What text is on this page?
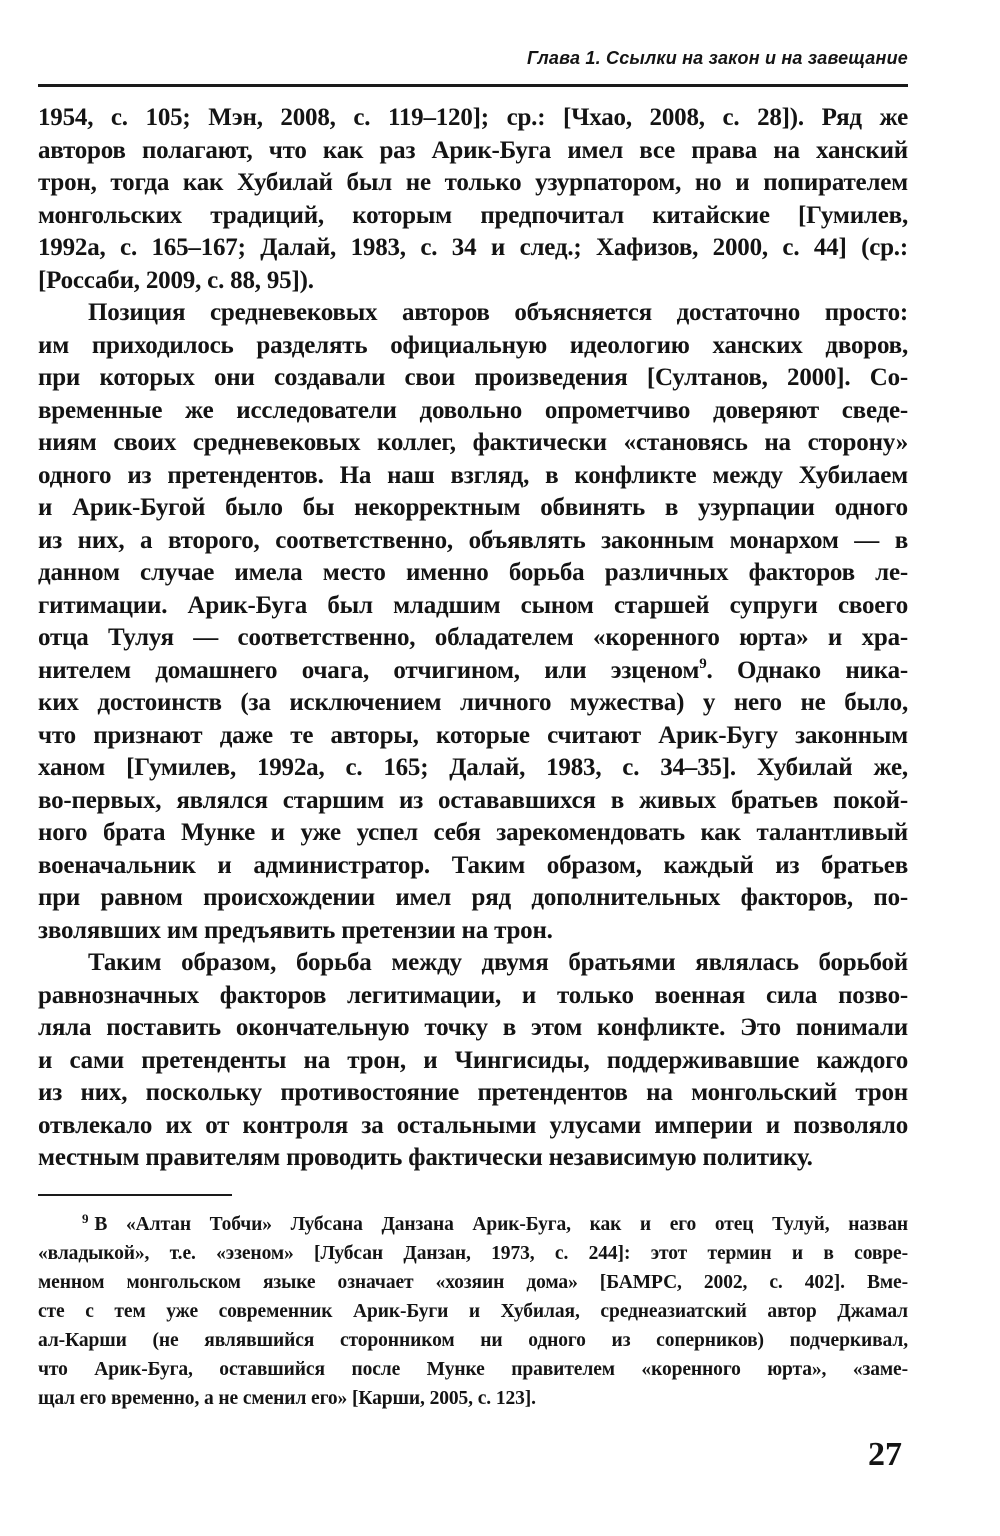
Глава 1. Ссылки на закон и на завещание
1954, с. 105; Мэн, 2008, с. 119–120]; ср.: [Чхао, 2008, с. 28]). Ряд же
авторов полагают, что как раз Арик-Буга имел все права на ханский
трон, тогда как Хубилай был не только узурпатором, но и попирателем
монгольских традиций, которым предпочитал китайские [Гумилев,
1992а, с. 165–167; Далай, 1983, с. 34 и след.; Хафизов, 2000, с. 44] (ср.:
[Россаби, 2009, с. 88, 95]).
Позиция средневековых авторов объясняется достаточно просто:
им приходилось разделять официальную идеологию ханских дворов,
при которых они создавали свои произведения [Султанов, 2000]. Со-
временные же исследователи довольно опрометчиво доверяют сведе-
ниям своих средневековых коллег, фактически «становясь на сторону»
одного из претендентов. На наш взгляд, в конфликте между Хубилаем
и Арик-Бугой было бы некорректным обвинять в узурпации одного
из них, а второго, соответственно, объявлять законным монархом — в
данном случае имела место именно борьба различных факторов ле-
гитимации. Арик-Буга был младшим сыном старшей супруги своего
отца Тулуя — соответственно, обладателем «коренного юрта» и хра-
нителем домашнего очага, отчигином, или эзценом$^9$. Однако ника-
ких достоинств (за исключением личного мужества) у него не было,
что признают даже те авторы, которые считают Арик-Бугу законным
ханом [Гумилев, 1992а, с. 165; Далай, 1983, с. 34–35]. Хубилай же,
во-первых, являлся старшим из остававшихся в живых братьев покой-
ного брата Мунке и уже успел себя зарекомендовать как талантливый
военачальник и администратор. Таким образом, каждый из братьев
при равном происхождении имел ряд дополнительных факторов, по-
зволявших им предъявить претензии на трон.
Таким образом, борьба между двумя братьями являлась борьбой
равнозначных факторов легитимации, и только военная сила позво-
ляла поставить окончательную точку в этом конфликте. Это понимали
и сами претенденты на трон, и Чингисиды, поддерживавшие каждого
из них, поскольку противостояние претендентов на монгольский трон
отвлекало их от контроля за остальными улусами империи и позволяло
местным правителям проводить фактически независимую политику.
$^9$ В «Алтан Тобчи» Лубсана Данзана Арик-Буга, как и его отец Тулуй, назван
«владыкой», т.е. «эзеном» [Лубсан Данзан, 1973, с. 244]: этот термин и в совре-
менном монгольском языке означает «хозяин дома» [БАМРС, 2002, с. 402]. Вме-
сте с тем уже современник Арик-Буги и Хубилая, среднеазиатский автор Джамал
ал-Карши (не являвшийся сторонником ни одного из соперников) подчеркивал,
что Арик-Буга, оставшийся после Мунке правителем «коренного юрта», «заме-
щал его временно, а не сменил его» [Карши, 2005, с. 123].
27
